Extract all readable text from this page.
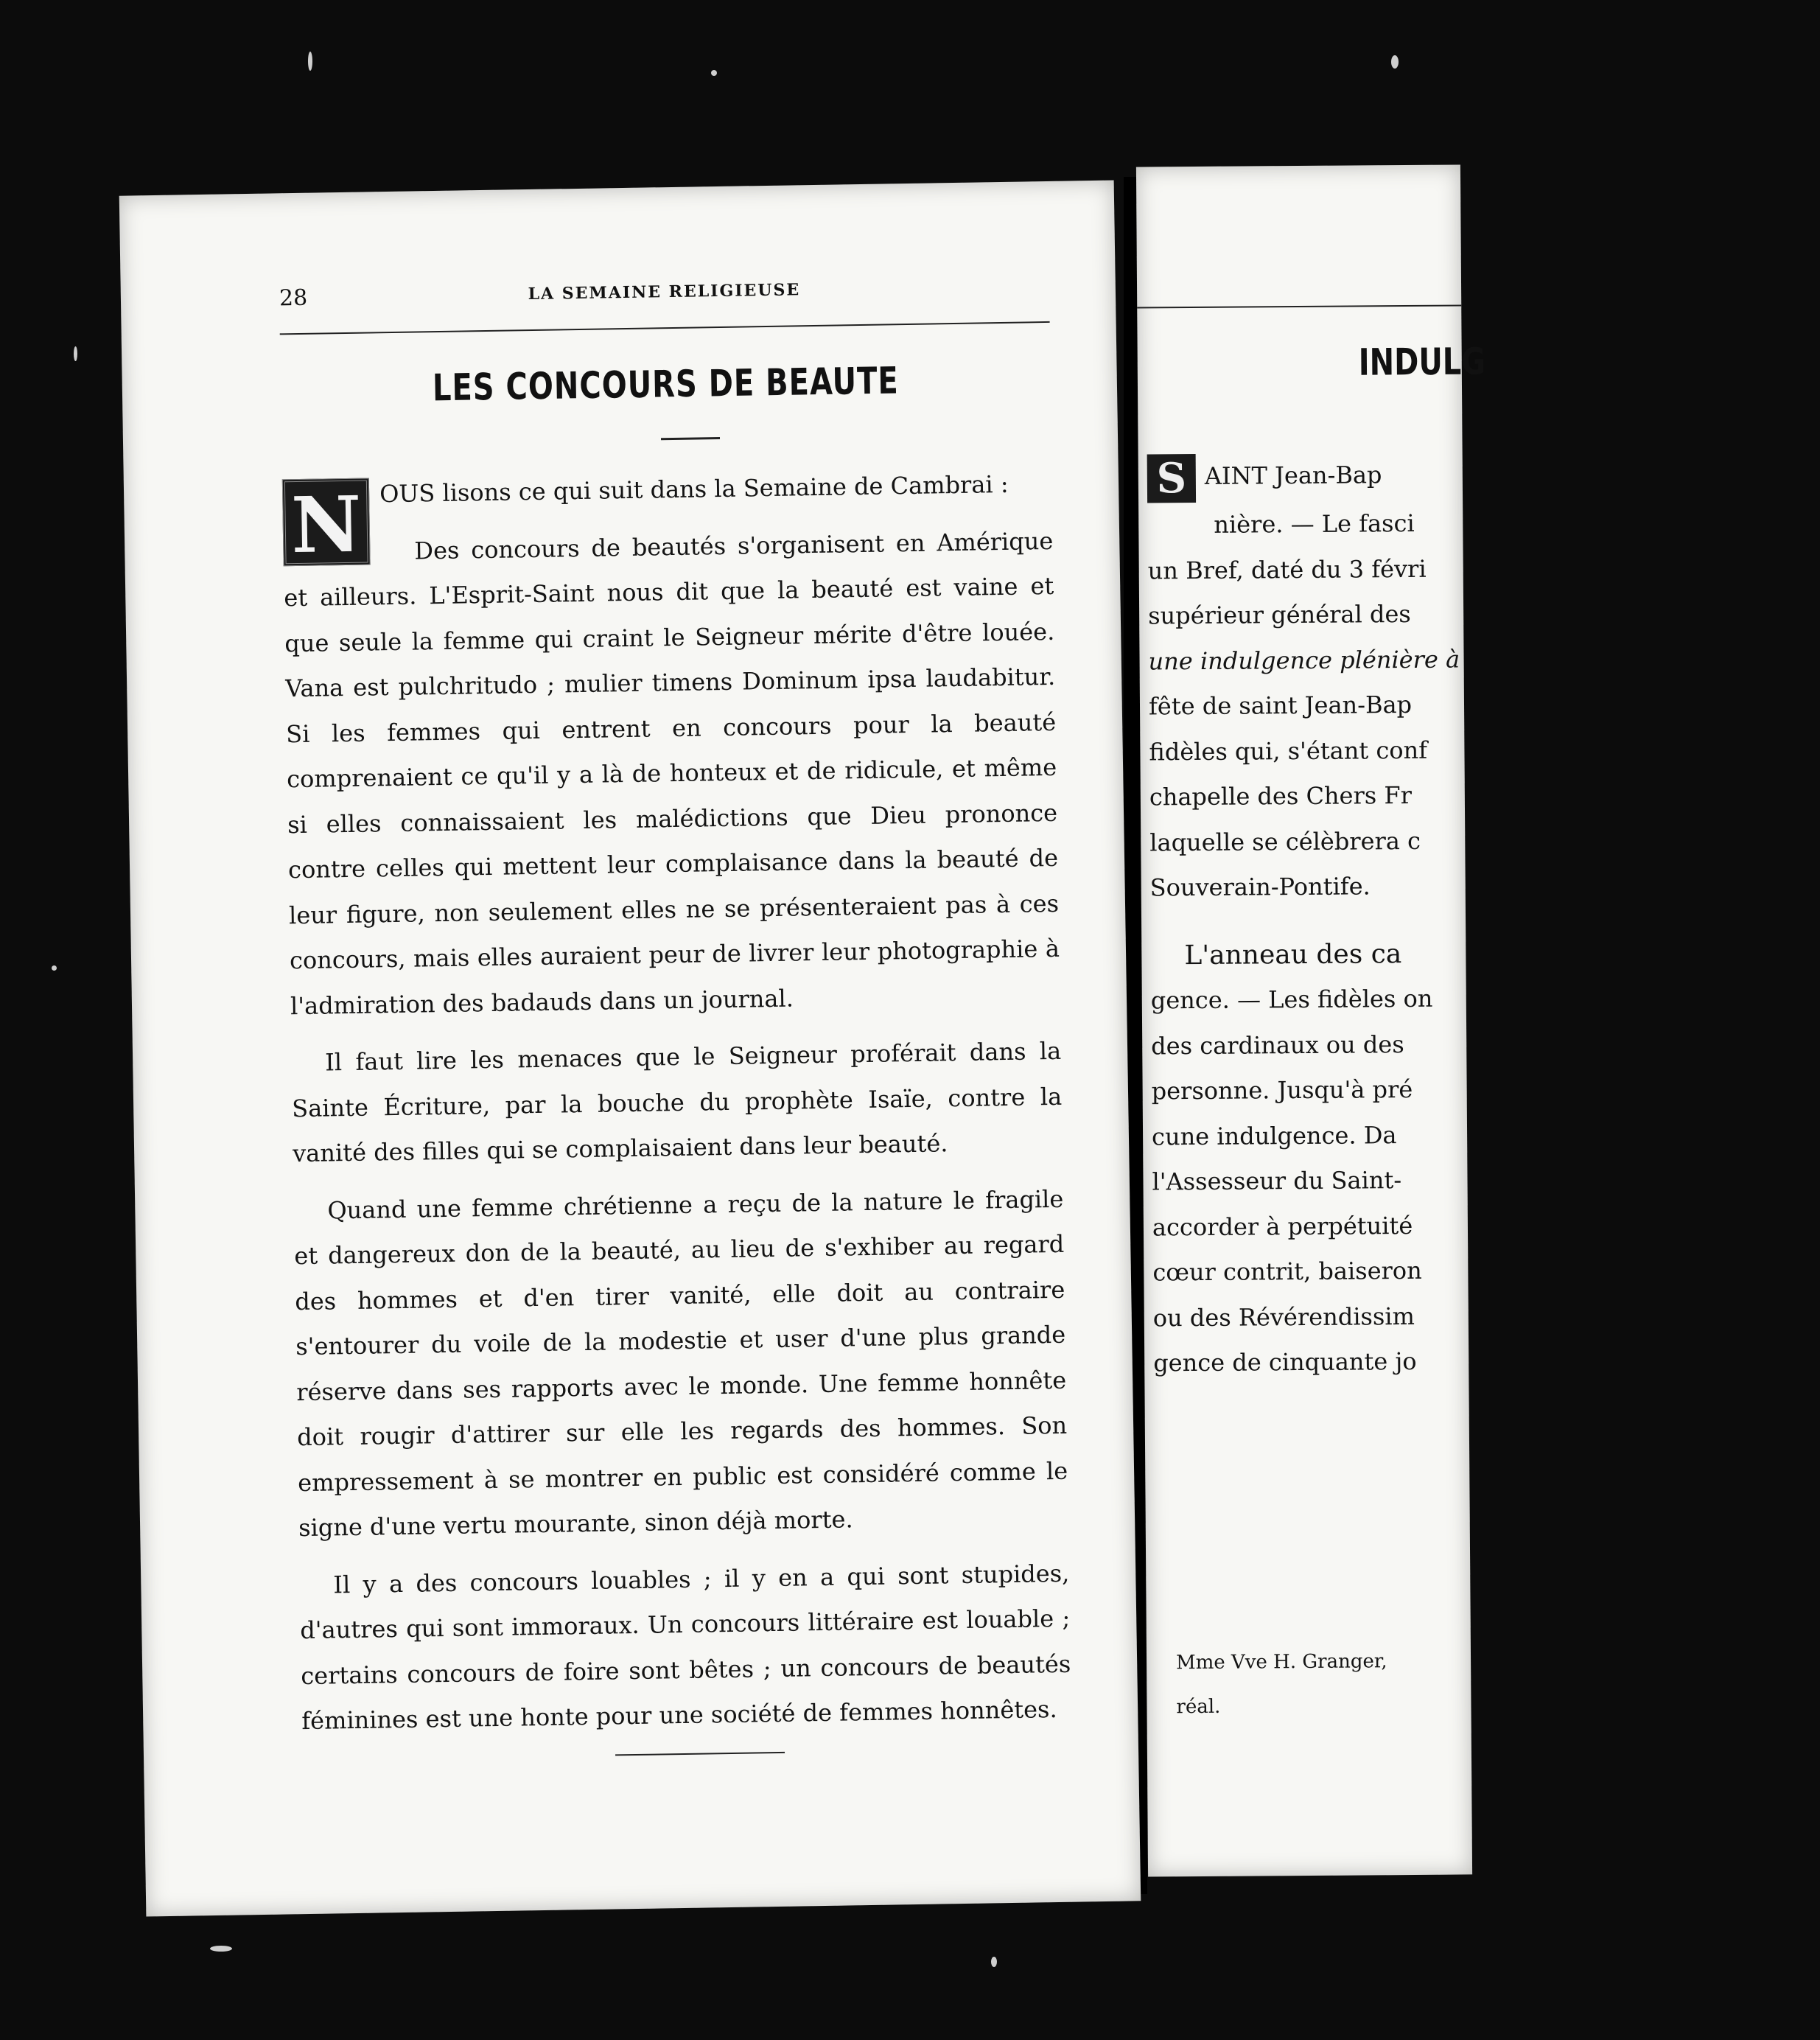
28	LA SEMAINE RELIGIEUSE
LES CONCOURS DE BEAUTE

N OUS lisons ce qui suit dans la Semaine de Cambrai :

Des concours de beautés s'organisent en Amérique et ailleurs. L'Esprit-Saint nous dit que la beauté est vaine et que seule la femme qui craint le Seigneur mérite d'être louée. Vana est pulchritudo ; mulier timens Dominum ipsa laudabitur. Si les femmes qui entrent en concours pour la beauté comprenaient ce qu'il y a là de honteux et de ridicule, et même si elles connaissaient les malédictions que Dieu prononce contre celles qui mettent leur complaisance dans la beauté de leur figure, non seulement elles ne se présenteraient pas à ces concours, mais elles auraient peur de livrer leur photographie à l'admiration des badauds dans un journal.

Il faut lire les menaces que le Seigneur proférait dans la Sainte Écriture, par la bouche du prophète Isaïe, contre la vanité des filles qui se complaisaient dans leur beauté.

Quand une femme chrétienne a reçu de la nature le fragile et dangereux don de la beauté, au lieu de s'exhiber au regard des hommes et d'en tirer vanité, elle doit au contraire s'entourer du voile de la modestie et user d'une plus grande réserve dans ses rapports avec le monde. Une femme honnête doit rougir d'attirer sur elle les regards des hommes. Son empressement à se montrer en public est considéré comme le signe d'une vertu mourante, sinon déjà morte.

Il y a des concours louables ; il y en a qui sont stupides, d'autres qui sont immoraux. Un concours littéraire est louable ; certains concours de foire sont bêtes ; un concours de beautés féminines est une honte pour une société de femmes honnêtes.

INDULG
S AINT Jean-Bap
nière. — Le fasci
un Bref, daté du 3 févri
supérieur général des
une indulgence plénière à
fête de saint Jean-Bap
fidèles qui, s'étant conf
chapelle des Chers Fr
laquelle se célèbrera c
Souverain-Pontife.
L'anneau des ca
gence. — Les fidèles on
des cardinaux ou des
personne. Jusqu'à pré
cune indulgence. Da
l'Assesseur du Saint-
accorder à perpétuité
cœur contrit, baiseron
ou des Révérendissim
gence de cinquante jo
Mme Vve H. Granger,
réal.
